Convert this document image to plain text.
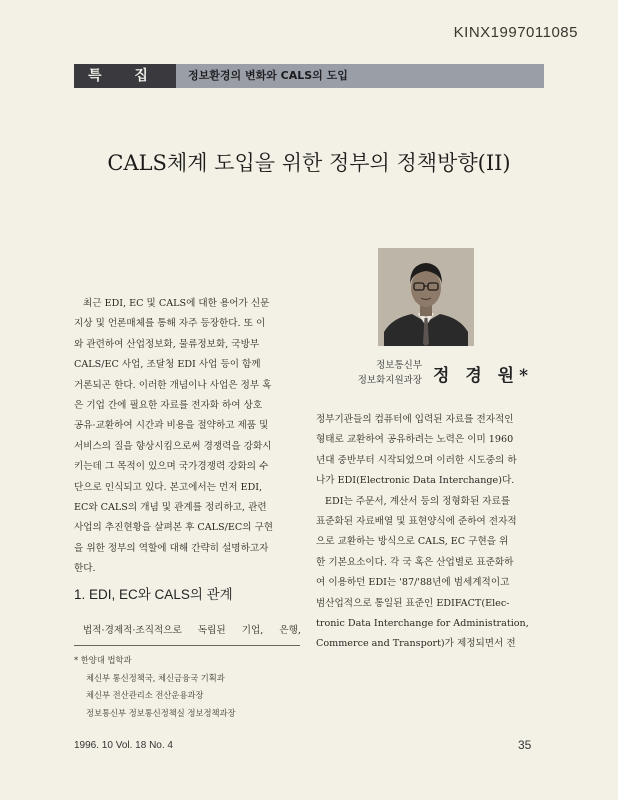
KINX1997011085
특 집	정보환경의 변화와 CALS의 도입
CALS체계 도입을 위한 정부의 정책방향(II)
정보통신부
정보화지원과장 정 경 원*

최근 EDI, EC 및 CALS에 대한 용어가 신문

지상 및 언론매체를 통해 자주 등장한다. 또 이

와 관련하여 산업정보화, 물류정보화, 국방부

CALS/EC 사업, 조달청 EDI 사업 등이 함께

거론되곤 한다. 이러한 개념이나 사업은 정부 혹

은 기업 간에 필요한 자료를 전자화 하여 상호

공유·교환하여 시간과 비용을 절약하고 제품 및

서비스의 질을 향상시킴으로써 경쟁력을 강화시

키는데 그 목적이 있으며 국가경쟁력 강화의 수

단으로 인식되고 있다. 본고에서는 먼저 EDI,

EC와 CALS의 개념 및 관계를 정리하고, 관련

사업의 추진현황을 살펴본 후 CALS/EC의 구현

을 위한 정부의 역할에 대해 간략히 설명하고자

한다.

1. EDI, EC와 CALS의 관계
법적·경제적·조직적으로 독립된 기업, 은행,

정부기관들의 컴퓨터에 입력된 자료를 전자적인

형태로 교환하여 공유하려는 노력은 이미 1960

년대 중반부터 시작되었으며 이러한 시도중의 하

나가 EDI(Electronic Data Interchange)다.

EDI는 주문서, 계산서 등의 정형화된 자료를

표준화된 자료배열 및 표현양식에 준하여 전자적

으로 교환하는 방식으로 CALS, EC 구현을 위

한 기본요소이다. 각 국 혹은 산업별로 표준화하

여 이용하던 EDI는 '87/'88년에 범세계적이고

범산업적으로 통일된 표준인 EDIFACT(Elec-

tronic Data Interchange for Administration,

Commerce and Transport)가 제정되면서 전

* 한양대 법학과
체신부 통신정책국, 체신금융국 기획과
체신부 전산관리소 전산운용과장
정보통신부 정보통신정책실 정보정책과장
1996. 10 Vol. 18 No. 4	35
